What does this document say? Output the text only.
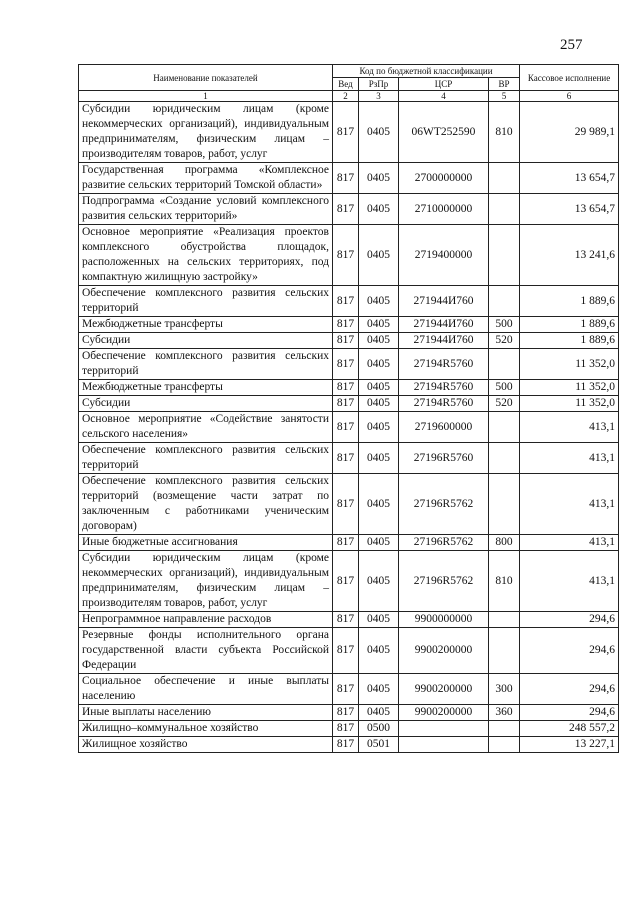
257
Наименование показателей	Код по бюджетной классификации				Кассовое исполнение
	Вед	РзПр	ЦСР	ВР	
1	2	3	4	5	6
Субсидии юридическим лицам (кроме некоммерческих организаций), индивидуальным предпринимателям, физическим лицам – производителям товаров, работ, услуг	817	0405	06WT252590	810	29 989,1
Государственная программа «Комплексное развитие сельских территорий Томской области»	817	0405	2700000000		13 654,7
Подпрограмма «Создание условий комплексного развития сельских территорий»	817	0405	2710000000		13 654,7
Основное мероприятие «Реализация проектов комплексного обустройства площадок, расположенных на сельских территориях, под компактную жилищную застройку»	817	0405	2719400000		13 241,6
Обеспечение комплексного развития сельских территорий	817	0405	271944И760		1 889,6
Межбюджетные трансферты	817	0405	271944И760	500	1 889,6
Субсидии	817	0405	271944И760	520	1 889,6
Обеспечение комплексного развития сельских территорий	817	0405	27194R5760		11 352,0
Межбюджетные трансферты	817	0405	27194R5760	500	11 352,0
Субсидии	817	0405	27194R5760	520	11 352,0
Основное мероприятие «Содействие занятости сельского населения»	817	0405	2719600000		413,1
Обеспечение комплексного развития сельских территорий	817	0405	27196R5760		413,1
Обеспечение комплексного развития сельских территорий (возмещение части затрат по заключенным с работниками ученическим договорам)	817	0405	27196R5762		413,1
Иные бюджетные ассигнования	817	0405	27196R5762	800	413,1
Субсидии юридическим лицам (кроме некоммерческих организаций), индивидуальным предпринимателям, физическим лицам – производителям товаров, работ, услуг	817	0405	27196R5762	810	413,1
Непрограммное направление расходов	817	0405	9900000000		294,6
Резервные фонды исполнительного органа государственной власти субъекта Российской Федерации	817	0405	9900200000		294,6
Социальное обеспечение и иные выплаты населению	817	0405	9900200000	300	294,6
Иные выплаты населению	817	0405	9900200000	360	294,6
Жилищно–коммунальное хозяйство	817	0500			248 557,2
Жилищное хозяйство	817	0501			13 227,1
